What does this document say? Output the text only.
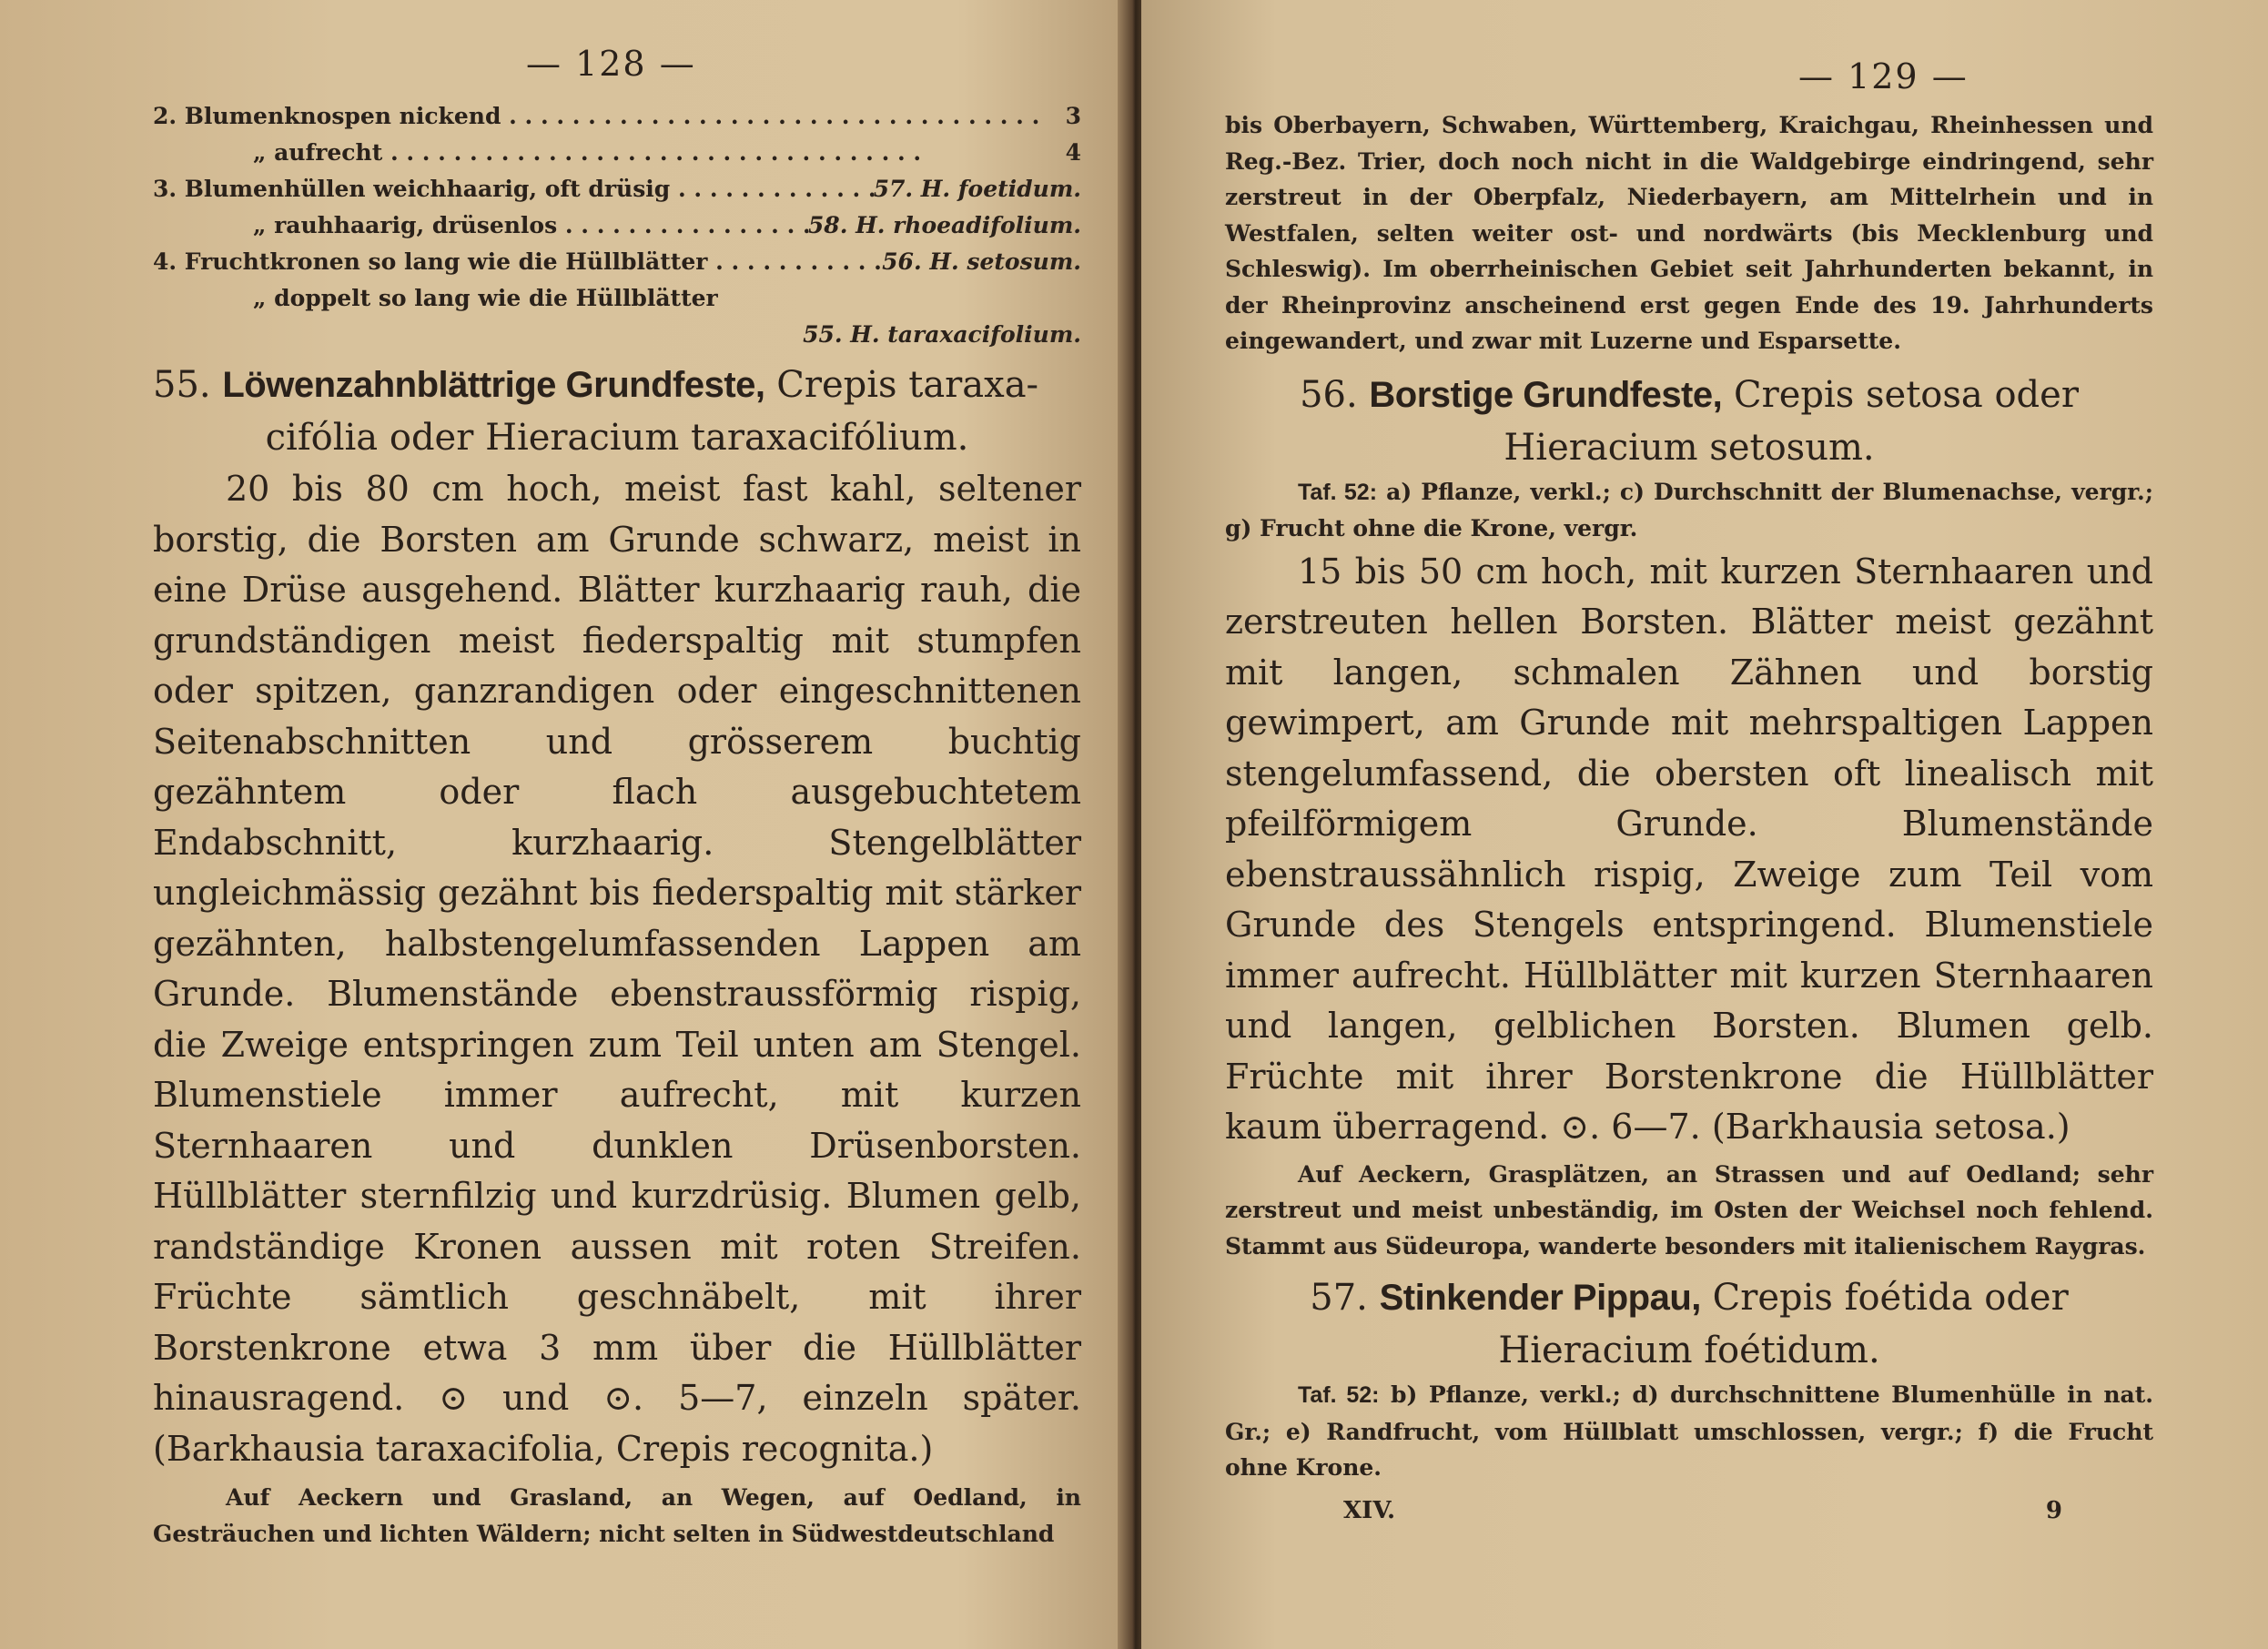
— 128 —
2. Blumenknospen nickend . . .	3
„ aufrecht . . .	4
3. Blumenhüllen weichhaarig, oft drüsig . . .	57. H. foetidum.
„ rauhhaarig, drüsenlos . . .	58. H. rhoeadifolium.
4. Fruchtkronen so lang wie die Hüllblätter . . .	56. H. setosum.
„ doppelt so lang wie die Hüllblätter
55. H. taraxacifolium.
55. Löwenzahnblättrige Grundfeste, Crepis taraxa-
cifólia oder Hieracium taraxacifólium.

20 bis 80 cm hoch, meist fast kahl, seltener borstig, die Borsten am Grunde schwarz, meist in eine Drüse ausgehend. Blätter kurzhaarig rauh, die grundständigen meist fiederspaltig mit stumpfen oder spitzen, ganzrandigen oder eingeschnittenen Seitenabschnitten und grösserem buchtig gezähntem oder flach ausgebuchtetem Endabschnitt, kurzhaarig. Stengelblätter ungleichmässig gezähnt bis fiederspaltig mit stärker gezähnten, halbstengelumfassenden Lappen am Grunde. Blumenstände ebenstraussförmig rispig, die Zweige entspringen zum Teil unten am Stengel. Blumenstiele immer aufrecht, mit kurzen Sternhaaren und dunklen Drüsenborsten. Hüllblätter sternfilzig und kurzdrüsig. Blumen gelb, randständige Kronen aussen mit roten Streifen. Früchte sämtlich geschnäbelt, mit ihrer Borstenkrone etwa 3 mm über die Hüllblätter hinausragend. ⊙ und ⊙. 5—7, einzeln später. (Barkhausia taraxacifolia, Crepis recognita.)

Auf Aeckern und Grasland, an Wegen, auf Oedland, in Gesträuchen und lichten Wäldern; nicht selten in Südwestdeutschland

— 129 —

bis Oberbayern, Schwaben, Württemberg, Kraichgau, Rheinhessen und Reg.-Bez. Trier, doch noch nicht in die Waldgebirge eindringend, sehr zerstreut in der Oberpfalz, Niederbayern, am Mittelrhein und in Westfalen, selten weiter ost- und nordwärts (bis Mecklenburg und Schleswig). Im oberrheinischen Gebiet seit Jahrhunderten bekannt, in der Rheinprovinz anscheinend erst gegen Ende des 19. Jahrhunderts eingewandert, und zwar mit Luzerne und Esparsette.

56. Borstige Grundfeste, Crepis setosa oder
Hieracium setosum.

Taf. 52: a) Pflanze, verkl.; c) Durchschnitt der Blumenachse, vergr.; g) Frucht ohne die Krone, vergr.

15 bis 50 cm hoch, mit kurzen Sternhaaren und zerstreuten hellen Borsten. Blätter meist gezähnt mit langen, schmalen Zähnen und borstig gewimpert, am Grunde mit mehrspaltigen Lappen stengelumfassend, die obersten oft linealisch mit pfeilförmigem Grunde. Blumenstände ebenstraussähnlich rispig, Zweige zum Teil vom Grunde des Stengels entspringend. Blumenstiele immer aufrecht. Hüllblätter mit kurzen Sternhaaren und langen, gelblichen Borsten. Blumen gelb. Früchte mit ihrer Borstenkrone die Hüllblätter kaum überragend. ⊙. 6—7. (Barkhausia setosa.)

Auf Aeckern, Grasplätzen, an Strassen und auf Oedland; sehr zerstreut und meist unbeständig, im Osten der Weichsel noch fehlend. Stammt aus Südeuropa, wanderte besonders mit italienischem Raygras.

57. Stinkender Pippau, Crepis foétida oder
Hieracium foétidum.

Taf. 52: b) Pflanze, verkl.; d) durchschnittene Blumenhülle in nat. Gr.; e) Randfrucht, vom Hüllblatt umschlossen, vergr.; f) die Frucht ohne Krone.

XIV.	9
